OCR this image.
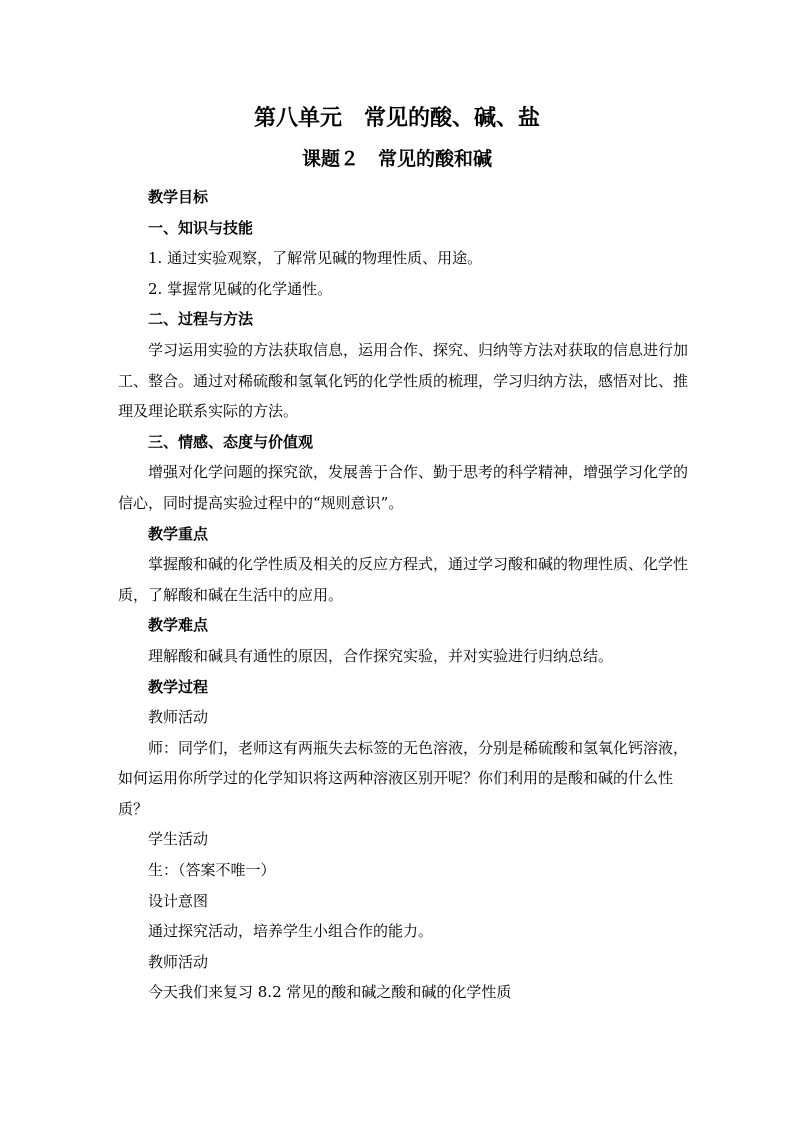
第八单元　常见的酸、碱、盐
课题２　常见的酸和碱

教学目标

一、知识与技能

1. 通过实验观察，了解常见碱的物理性质、用途。

2. 掌握常见碱的化学通性。

二、过程与方法

学习运用实验的方法获取信息，运用合作、探究、归纳等方法对获取的信息进行加工、整合。通过对稀硫酸和氢氧化钙的化学性质的梳理，学习归纳方法，感悟对比、推理及理论联系实际的方法。

三、情感、态度与价值观

增强对化学问题的探究欲，发展善于合作、勤于思考的科学精神，增强学习化学的信心，同时提高实验过程中的“规则意识”。

教学重点

掌握酸和碱的化学性质及相关的反应方程式，通过学习酸和碱的物理性质、化学性质，了解酸和碱在生活中的应用。

教学难点

理解酸和碱具有通性的原因，合作探究实验，并对实验进行归纳总结。

教学过程

教师活动

师：同学们，老师这有两瓶失去标签的无色溶液，分别是稀硫酸和氢氧化钙溶液，如何运用你所学过的化学知识将这两种溶液区别开呢？你们利用的是酸和碱的什么性质？

学生活动

生：（答案不唯一）

设计意图

通过探究活动，培养学生小组合作的能力。

教师活动

今天我们来复习 8.2 常见的酸和碱之酸和碱的化学性质
